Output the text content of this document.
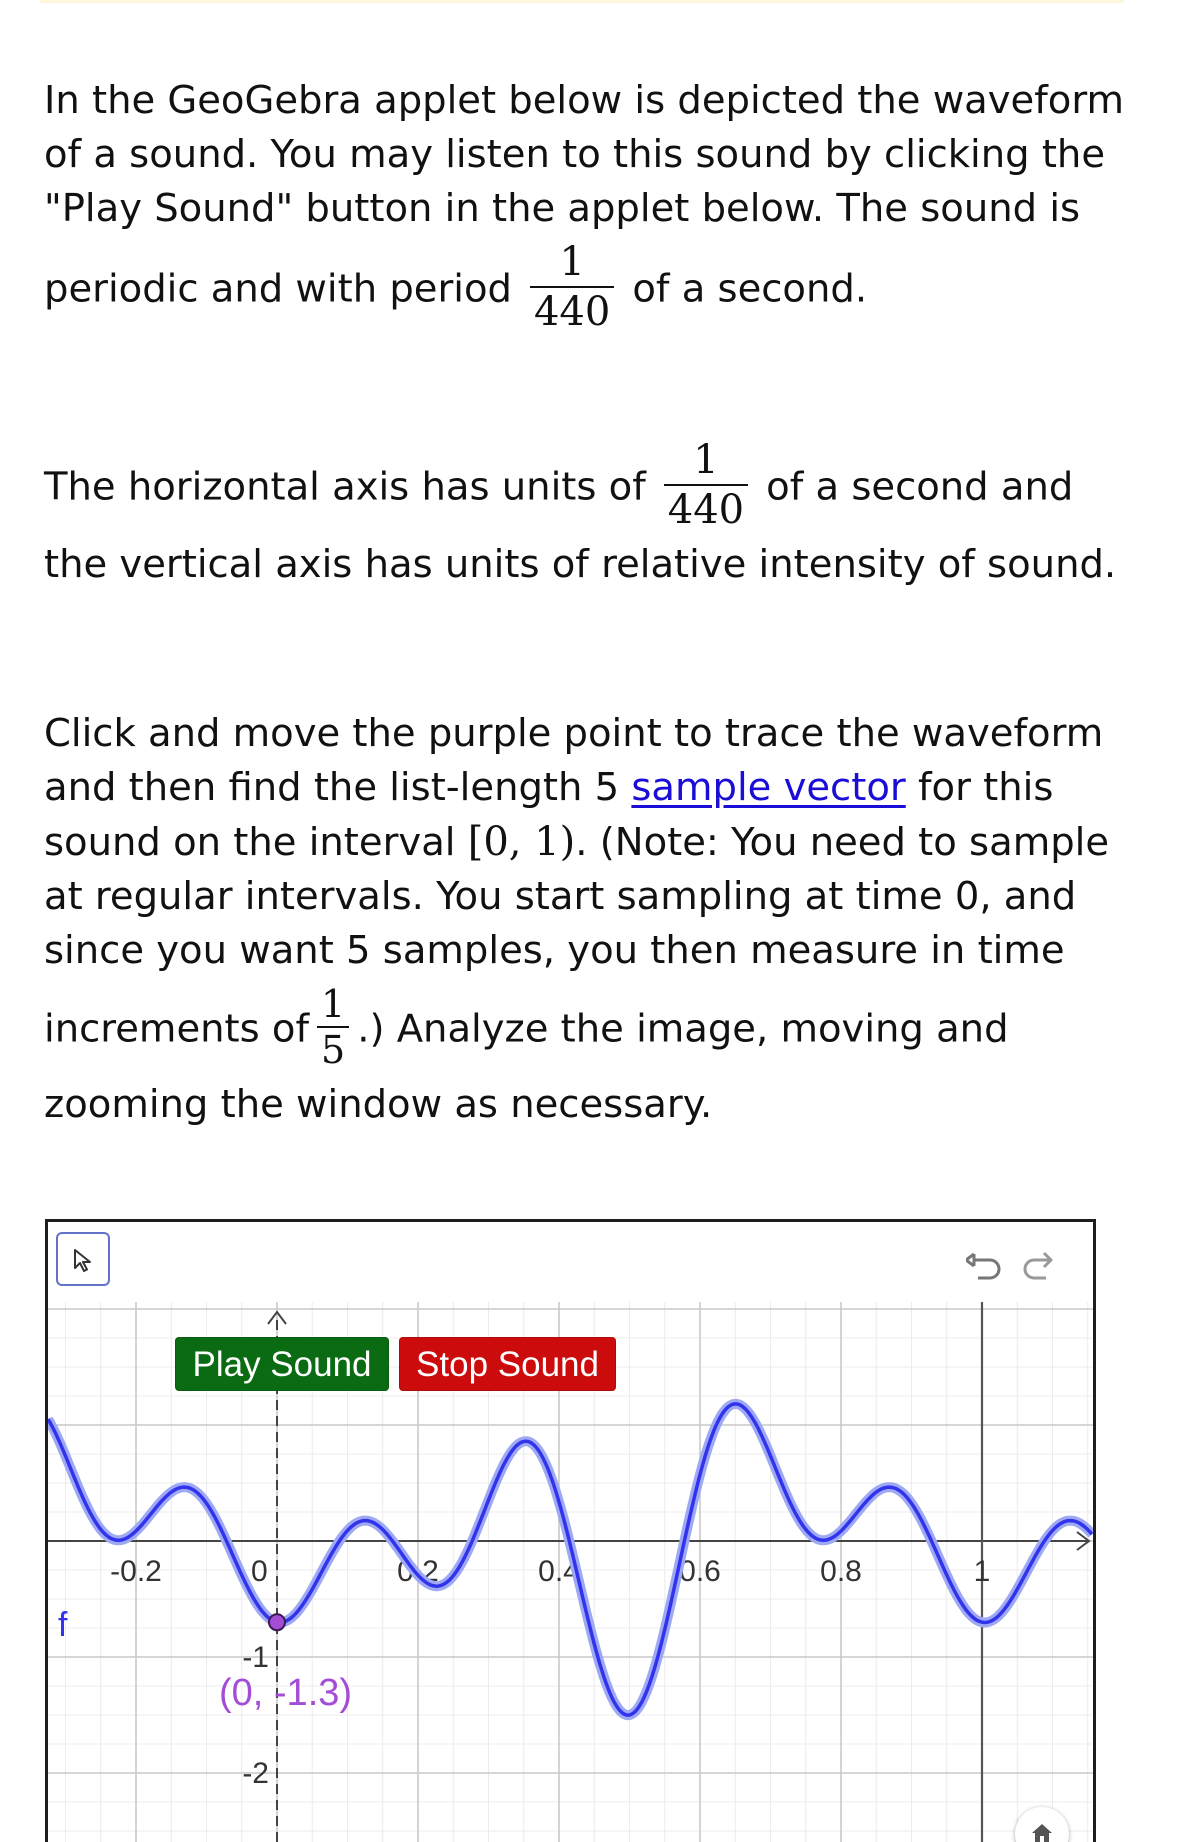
In the GeoGebra applet below is depicted the waveform
of a sound. You may listen to this sound by clicking the
"Play Sound" button in the applet below. The sound is
periodic and with period $\frac{1}{440}$ of a second.
The horizontal axis has units of $\frac{1}{440}$ of a second and
the vertical axis has units of relative intensity of sound.
Click and move the purple point to trace the waveform
and then find the list-length 5 sample vector for this
sound on the interval [0, 1). (Note: You need to sample
at regular intervals. You start sampling at time 0, and
since you want 5 samples, you then measure in time
increments of $\frac{1}{5}$ .) Analyze the image, moving and
zooming the window as necessary.
-0.2	0	0.2	0.4	0.6	0.8	1
-1
-2
f
(0, -1.3)
Play Sound	Stop Sound
